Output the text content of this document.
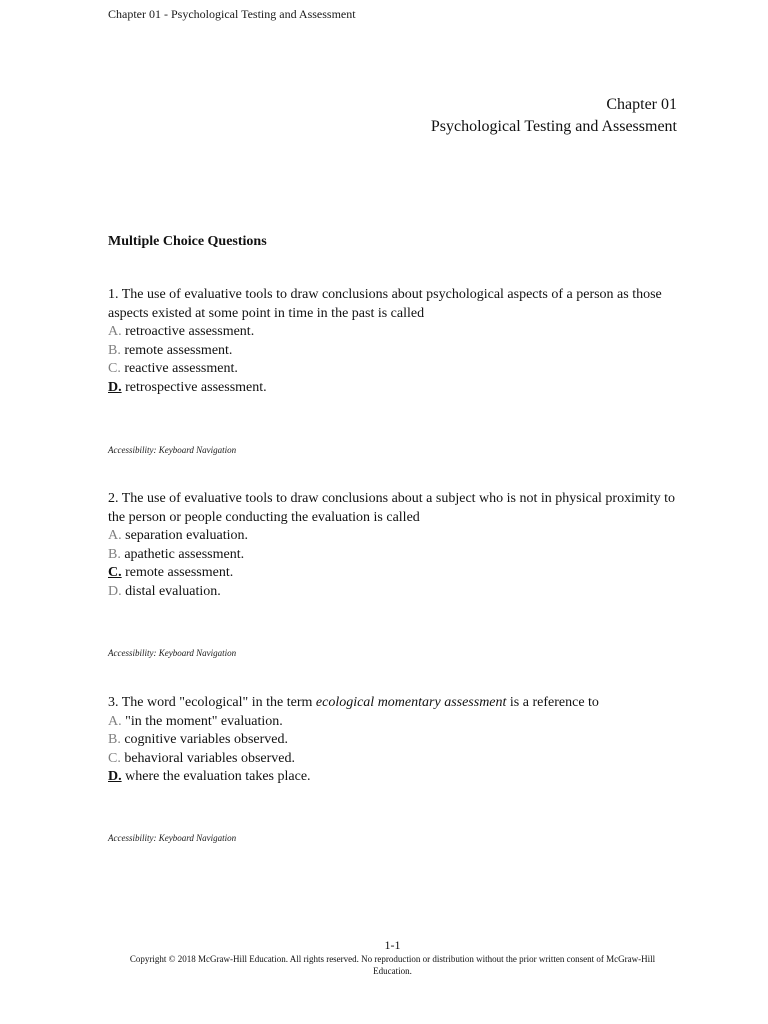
Chapter 01 - Psychological Testing and Assessment
Chapter 01
Psychological Testing and Assessment
Multiple Choice Questions

1. The use of evaluative tools to draw conclusions about psychological aspects of a person as those aspects existed at some point in time in the past is called

A. retroactive assessment.
B. remote assessment.
C. reactive assessment.
D. retrospective assessment.
Accessibility: Keyboard Navigation

2. The use of evaluative tools to draw conclusions about a subject who is not in physical proximity to the person or people conducting the evaluation is called

A. separation evaluation.
B. apathetic assessment.
C. remote assessment.
D. distal evaluation.
Accessibility: Keyboard Navigation

3. The word "ecological" in the term ecological momentary assessment is a reference to

A. "in the moment" evaluation.
B. cognitive variables observed.
C. behavioral variables observed.
D. where the evaluation takes place.
Accessibility: Keyboard Navigation
1-1
Copyright © 2018 McGraw-Hill Education. All rights reserved. No reproduction or distribution without the prior written consent of McGraw-Hill Education.
